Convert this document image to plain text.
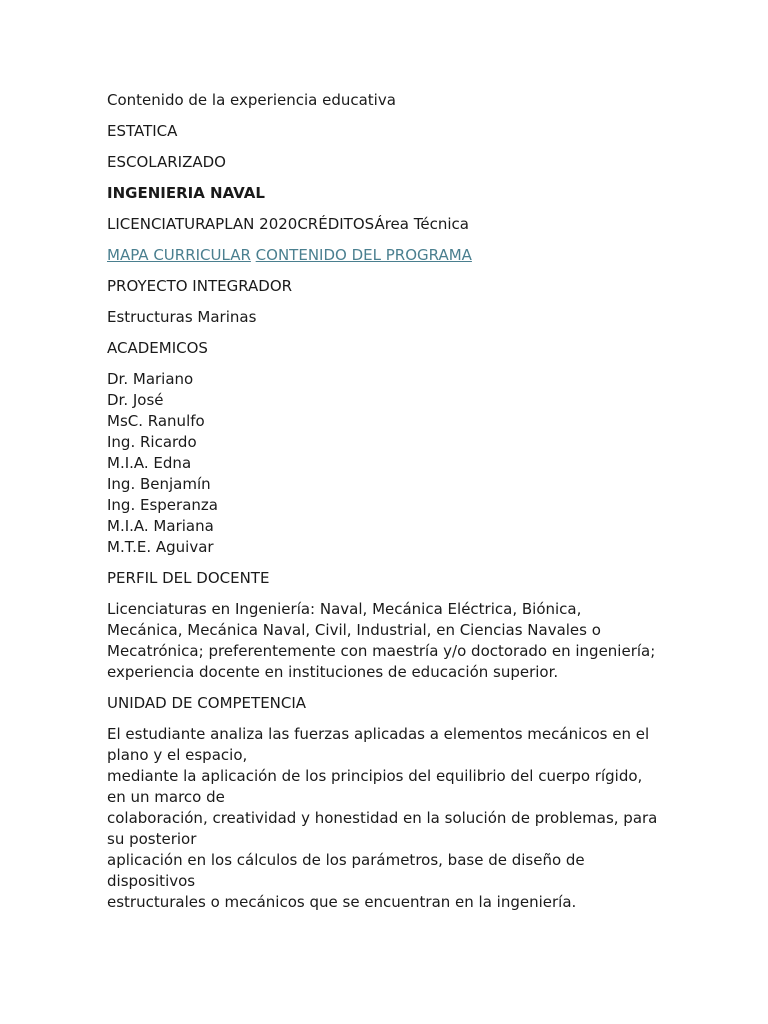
Contenido de la experiencia educativa

ESTATICA

ESCOLARIZADO

INGENIERIA NAVAL

LICENCIATURAPLAN 2020CRÉDITOSÁrea Técnica

MAPA CURRICULAR CONTENIDO DEL PROGRAMA

PROYECTO INTEGRADOR

Estructuras Marinas

ACADEMICOS

Dr. Mariano
Dr. José
MsC. Ranulfo
Ing. Ricardo
M.I.A. Edna
Ing. Benjamín
Ing. Esperanza
M.I.A. Mariana
M.T.E. Aguivar

PERFIL DEL DOCENTE

Licenciaturas en Ingeniería: Naval, Mecánica Eléctrica, Biónica,
Mecánica, Mecánica Naval, Civil, Industrial, en Ciencias Navales o
Mecatrónica; preferentemente con maestría y/o doctorado en ingeniería;
experiencia docente en instituciones de educación superior.

UNIDAD DE COMPETENCIA

El estudiante analiza las fuerzas aplicadas a elementos mecánicos en el
plano y el espacio,
mediante la aplicación de los principios del equilibrio del cuerpo rígido,
en un marco de
colaboración, creatividad y honestidad en la solución de problemas, para
su posterior
aplicación en los cálculos de los parámetros, base de diseño de
dispositivos
estructurales o mecánicos que se encuentran en la ingeniería.
